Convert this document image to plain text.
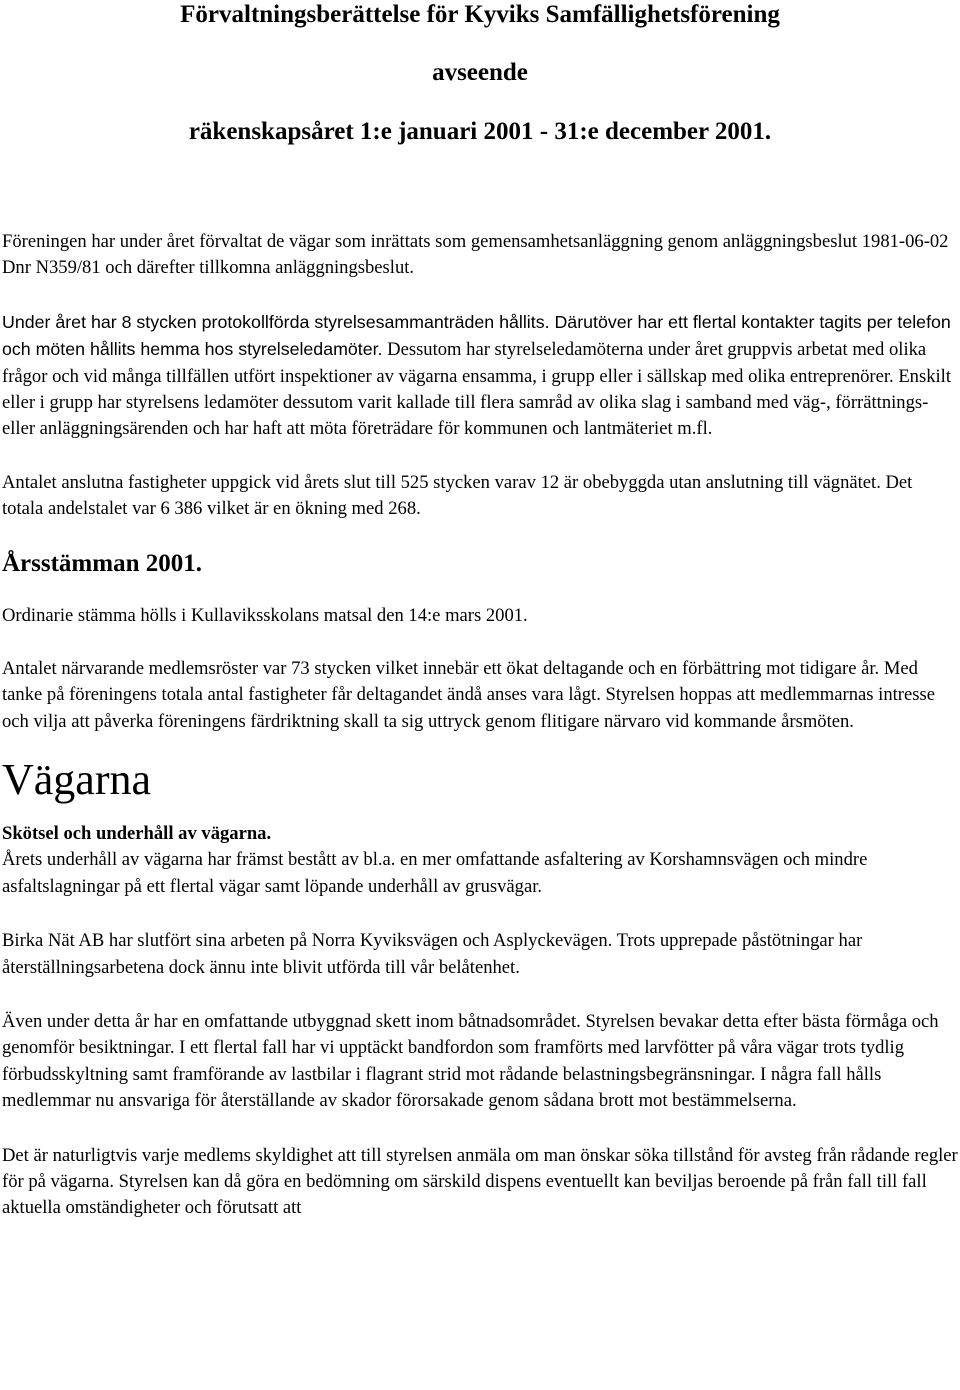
Förvaltningsberättelse för Kyviks Samfällighetsförening

avseende

räkenskapsåret 1:e januari 2001 - 31:e december 2001.

Föreningen har under året förvaltat de vägar som inrättats som gemensamhetsanläggning genom anläggningsbeslut 1981-06-02 Dnr N359/81 och därefter tillkomna anläggningsbeslut.

Under året har 8 stycken protokollförda styrelsesammanträden hållits. Därutöver har ett flertal kontakter tagits per telefon och möten hållits hemma hos styrelseledamöter. Dessutom har styrelseledamöterna under året gruppvis arbetat med olika frågor och vid många tillfällen utfört inspektioner av vägarna ensamma, i grupp eller i sällskap med olika entreprenörer. Enskilt eller i grupp har styrelsens ledamöter dessutom varit kallade till flera samråd av olika slag i samband med väg-, förrättnings- eller anläggningsärenden och har haft att möta företrädare för kommunen och lantmäteriet m.fl.

Antalet anslutna fastigheter uppgick vid årets slut till 525 stycken varav 12 är obebyggda utan anslutning till vägnätet. Det totala andelstalet var 6 386 vilket är en ökning med 268.

Årsstämman 2001.

Ordinarie stämma hölls i Kullaviksskolans matsal den 14:e mars 2001.

Antalet närvarande medlemsröster var 73 stycken vilket innebär ett ökat deltagande och en förbättring mot tidigare år. Med tanke på föreningens totala antal fastigheter får deltagandet ändå anses vara lågt. Styrelsen hoppas att medlemmarnas intresse och vilja att påverka föreningens färdriktning skall ta sig uttryck genom flitigare närvaro vid kommande årsmöten.

Vägarna
Skötsel och underhåll av vägarna.

Årets underhåll av vägarna har främst bestått av bl.a. en mer omfattande asfaltering av Korshamnsvägen och mindre asfaltslagningar på ett flertal vägar samt löpande underhåll av grusvägar.

Birka Nät AB har slutfört sina arbeten på Norra Kyviksvägen och Asplyckevägen. Trots upprepade påstötningar har återställningsarbetena dock ännu inte blivit utförda till vår belåtenhet.

Även under detta år har en omfattande utbyggnad skett inom båtnadsområdet. Styrelsen bevakar detta efter bästa förmåga och genomför besiktningar. I ett flertal fall har vi upptäckt bandfordon som framförts med larvfötter på våra vägar trots tydlig förbudsskyltning samt framförande av lastbilar i flagrant strid mot rådande belastningsbegränsningar. I några fall hålls medlemmar nu ansvariga för återställande av skador förorsakade genom sådana brott mot bestämmelserna.

Det är naturligtvis varje medlems skyldighet att till styrelsen anmäla om man önskar söka tillstånd för avsteg från rådande regler för på vägarna. Styrelsen kan då göra en bedömning om särskild dispens eventuellt kan beviljas beroende på från fall till fall aktuella omständigheter och förutsatt att
